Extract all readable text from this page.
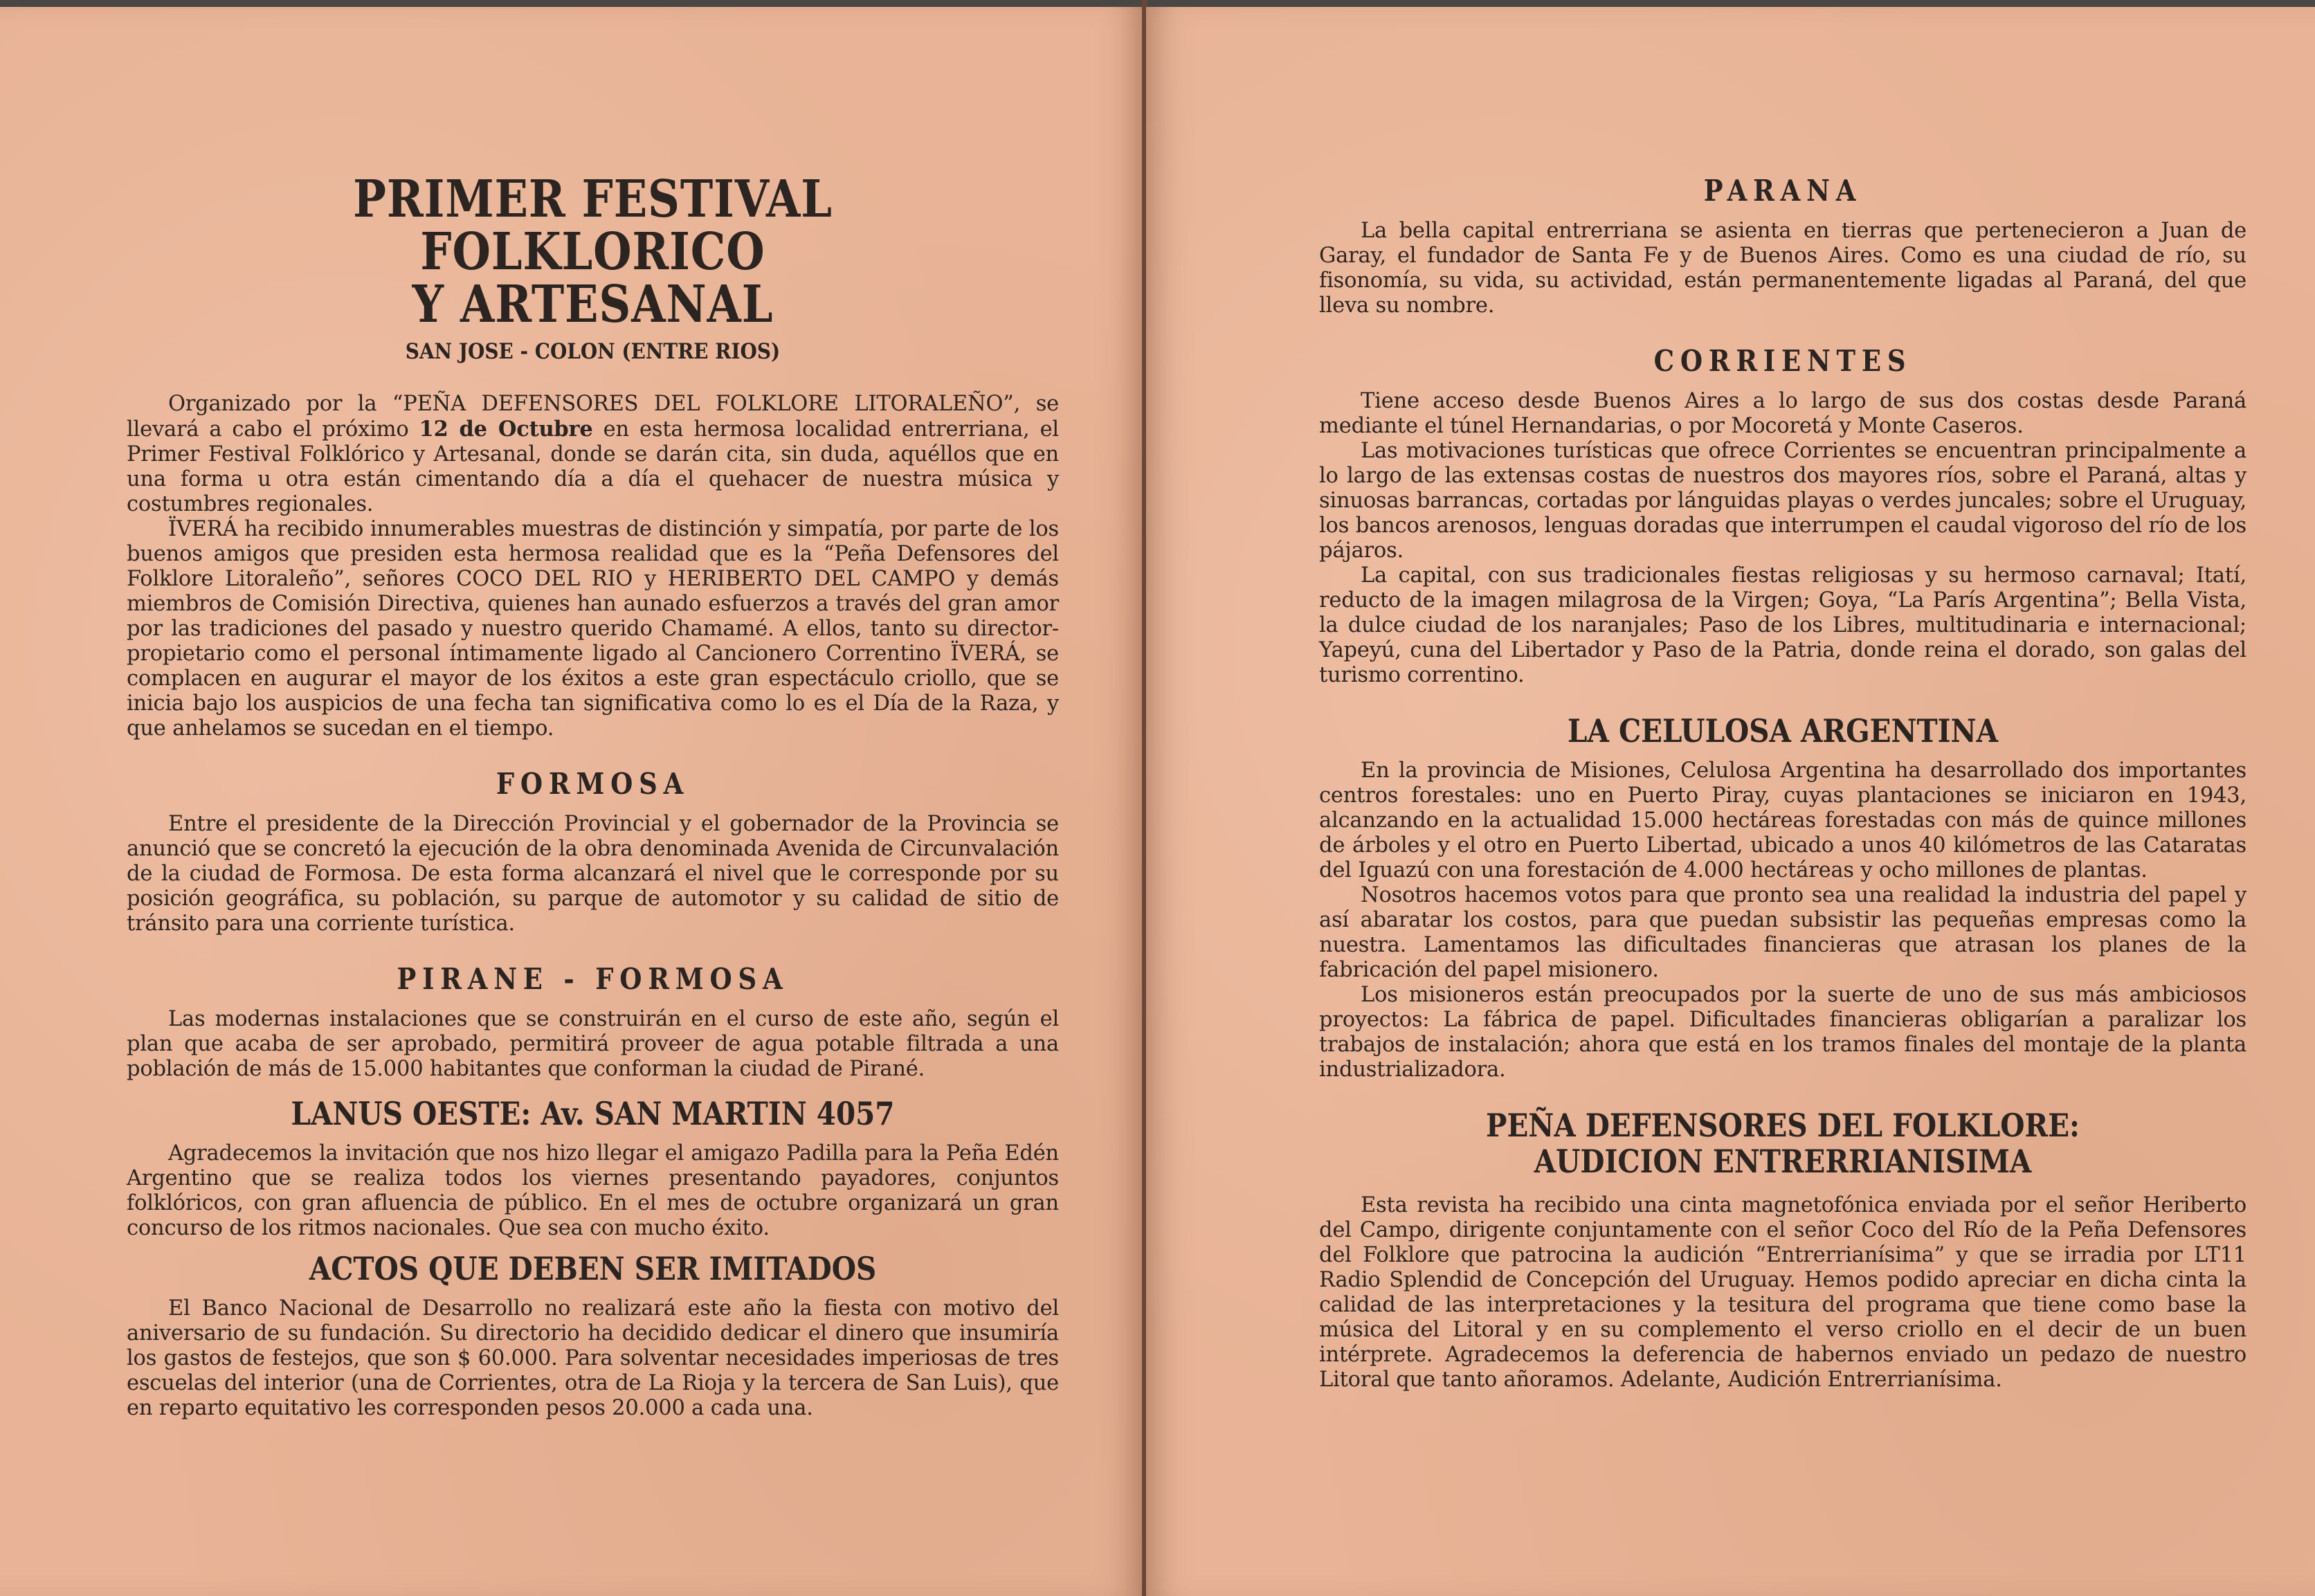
PRIMER FESTIVAL FOLKLORICO
Y ARTESANAL
SAN JOSE - COLON (ENTRE RIOS)

Organizado por la “PEÑA DEFENSORES DEL FOLKLORE LITORALEÑO”, se llevará a cabo el próximo 12 de Octubre en esta hermosa localidad entrerriana, el Primer Festival Folklórico y Artesanal, donde se darán cita, sin duda, aquéllos que en una forma u otra están cimentando día a día el quehacer de nuestra música y costumbres regionales.

ÏVERÁ ha recibido innumerables muestras de distinción y simpatía, por parte de los buenos amigos que presiden esta hermosa realidad que es la “Peña Defensores del Folklore Litoraleño”, señores COCO DEL RIO y HERIBERTO DEL CAMPO y demás miembros de Comisión Directiva, quienes han aunado esfuerzos a través del gran amor por las tradiciones del pasado y nuestro querido Chamamé. A ellos, tanto su director-propietario como el personal íntimamente ligado al Cancionero Correntino ÏVERÁ, se complacen en augurar el mayor de los éxitos a este gran espectáculo criollo, que se inicia bajo los auspicios de una fecha tan significativa como lo es el Día de la Raza, y que anhelamos se sucedan en el tiempo.

FORMOSA

Entre el presidente de la Dirección Provincial y el gobernador de la Provincia se anunció que se concretó la ejecución de la obra denominada Avenida de Circunvalación de la ciudad de Formosa. De esta forma alcanzará el nivel que le corresponde por su posición geográfica, su población, su parque de automotor y su calidad de sitio de tránsito para una corriente turística.

PIRANE - FORMOSA

Las modernas instalaciones que se construirán en el curso de este año, según el plan que acaba de ser aprobado, permitirá proveer de agua potable filtrada a una población de más de 15.000 habitantes que conforman la ciudad de Pirané.

LANUS OESTE: Av. SAN MARTIN 4057

Agradecemos la invitación que nos hizo llegar el amigazo Padilla para la Peña Edén Argentino que se realiza todos los viernes presentando payadores, conjuntos folklóricos, con gran afluencia de público. En el mes de octubre organizará un gran concurso de los ritmos nacionales. Que sea con mucho éxito.

ACTOS QUE DEBEN SER IMITADOS

El Banco Nacional de Desarrollo no realizará este año la fiesta con motivo del aniversario de su fundación. Su directorio ha decidido dedicar el dinero que insumiría los gastos de festejos, que son $ 60.000. Para solventar necesidades imperiosas de tres escuelas del interior (una de Corrientes, otra de La Rioja y la tercera de San Luis), que en reparto equitativo les corresponden pesos 20.000 a cada una.

PARANA

La bella capital entrerriana se asienta en tierras que pertenecieron a Juan de Garay, el fundador de Santa Fe y de Buenos Aires. Como es una ciudad de río, su fisonomía, su vida, su actividad, están permanentemente ligadas al Paraná, del que lleva su nombre.

CORRIENTES

Tiene acceso desde Buenos Aires a lo largo de sus dos costas desde Paraná mediante el túnel Hernandarias, o por Mocoretá y Monte Caseros.

Las motivaciones turísticas que ofrece Corrientes se encuentran principalmente a lo largo de las extensas costas de nuestros dos mayores ríos, sobre el Paraná, altas y sinuosas barrancas, cortadas por lánguidas playas o verdes juncales; sobre el Uruguay, los bancos arenosos, lenguas doradas que interrumpen el caudal vigoroso del río de los pájaros.

La capital, con sus tradicionales fiestas religiosas y su hermoso carnaval; Itatí, reducto de la imagen milagrosa de la Virgen; Goya, “La París Argentina”; Bella Vista, la dulce ciudad de los naranjales; Paso de los Libres, multitudinaria e internacional; Yapeyú, cuna del Libertador y Paso de la Patria, donde reina el dorado, son galas del turismo correntino.

LA CELULOSA ARGENTINA

En la provincia de Misiones, Celulosa Argentina ha desarrollado dos importantes centros forestales: uno en Puerto Piray, cuyas plantaciones se iniciaron en 1943, alcanzando en la actualidad 15.000 hectáreas forestadas con más de quince millones de árboles y el otro en Puerto Libertad, ubicado a unos 40 kilómetros de las Cataratas del Iguazú con una forestación de 4.000 hectáreas y ocho millones de plantas.

Nosotros hacemos votos para que pronto sea una realidad la industria del papel y así abaratar los costos, para que puedan subsistir las pequeñas empresas como la nuestra. Lamentamos las dificultades financieras que atrasan los planes de la fabricación del papel misionero.

Los misioneros están preocupados por la suerte de uno de sus más ambiciosos proyectos: La fábrica de papel. Dificultades financieras obligarían a paralizar los trabajos de instalación; ahora que está en los tramos finales del montaje de la planta industrializadora.

PEÑA DEFENSORES DEL FOLKLORE:
AUDICION ENTRERRIANISIMA

Esta revista ha recibido una cinta magnetofónica enviada por el señor Heriberto del Campo, dirigente conjuntamente con el señor Coco del Río de la Peña Defensores del Folklore que patrocina la audición “Entrerrianísima” y que se irradia por LT11 Radio Splendid de Concepción del Uruguay. Hemos podido apreciar en dicha cinta la calidad de las interpretaciones y la tesitura del programa que tiene como base la música del Litoral y en su complemento el verso criollo en el decir de un buen intérprete. Agradecemos la deferencia de habernos enviado un pedazo de nuestro Litoral que tanto añoramos. Adelante, Audición Entrerrianísima.
